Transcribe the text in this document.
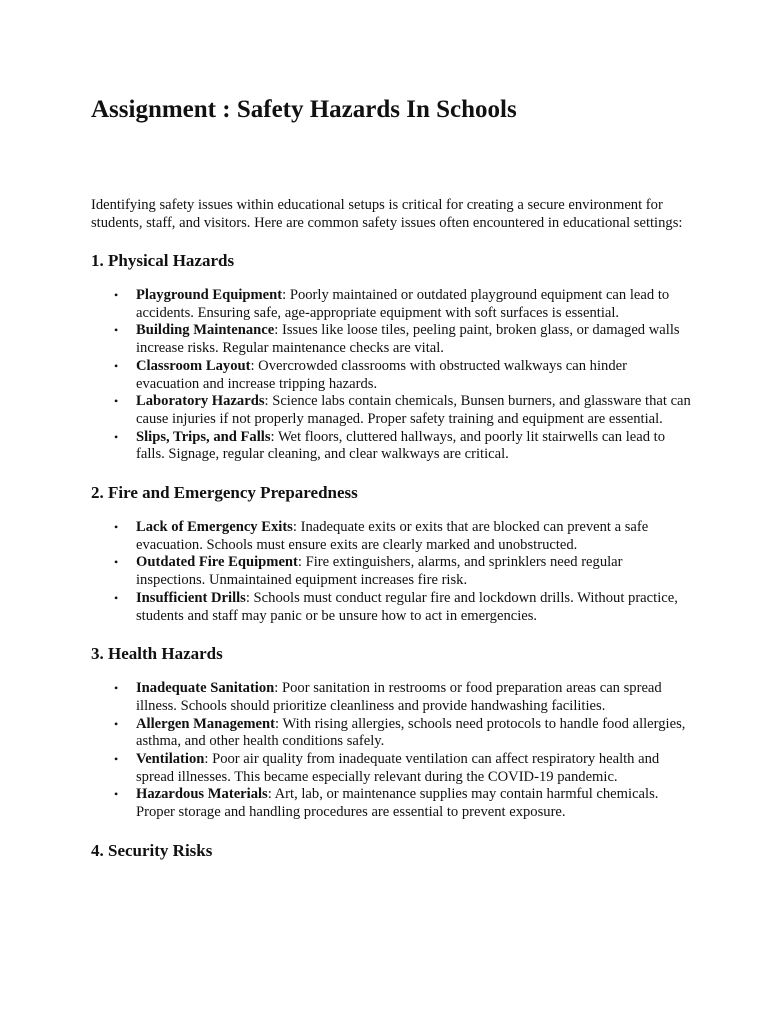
Assignment : Safety Hazards In Schools

Identifying safety issues within educational setups is critical for creating a secure environment for students, staff, and visitors. Here are common safety issues often encountered in educational settings:

1. Physical Hazards
• Playground Equipment: Poorly maintained or outdated playground equipment can lead to accidents. Ensuring safe, age-appropriate equipment with soft surfaces is essential.
• Building Maintenance: Issues like loose tiles, peeling paint, broken glass, or damaged walls increase risks. Regular maintenance checks are vital.
• Classroom Layout: Overcrowded classrooms with obstructed walkways can hinder evacuation and increase tripping hazards.
• Laboratory Hazards: Science labs contain chemicals, Bunsen burners, and glassware that can cause injuries if not properly managed. Proper safety training and equipment are essential.
• Slips, Trips, and Falls: Wet floors, cluttered hallways, and poorly lit stairwells can lead to falls. Signage, regular cleaning, and clear walkways are critical.
2. Fire and Emergency Preparedness
• Lack of Emergency Exits: Inadequate exits or exits that are blocked can prevent a safe evacuation. Schools must ensure exits are clearly marked and unobstructed.
• Outdated Fire Equipment: Fire extinguishers, alarms, and sprinklers need regular inspections. Unmaintained equipment increases fire risk.
• Insufficient Drills: Schools must conduct regular fire and lockdown drills. Without practice, students and staff may panic or be unsure how to act in emergencies.
3. Health Hazards
• Inadequate Sanitation: Poor sanitation in restrooms or food preparation areas can spread illness. Schools should prioritize cleanliness and provide handwashing facilities.
• Allergen Management: With rising allergies, schools need protocols to handle food allergies, asthma, and other health conditions safely.
• Ventilation: Poor air quality from inadequate ventilation can affect respiratory health and spread illnesses. This became especially relevant during the COVID-19 pandemic.
• Hazardous Materials: Art, lab, or maintenance supplies may contain harmful chemicals. Proper storage and handling procedures are essential to prevent exposure.
4. Security Risks
